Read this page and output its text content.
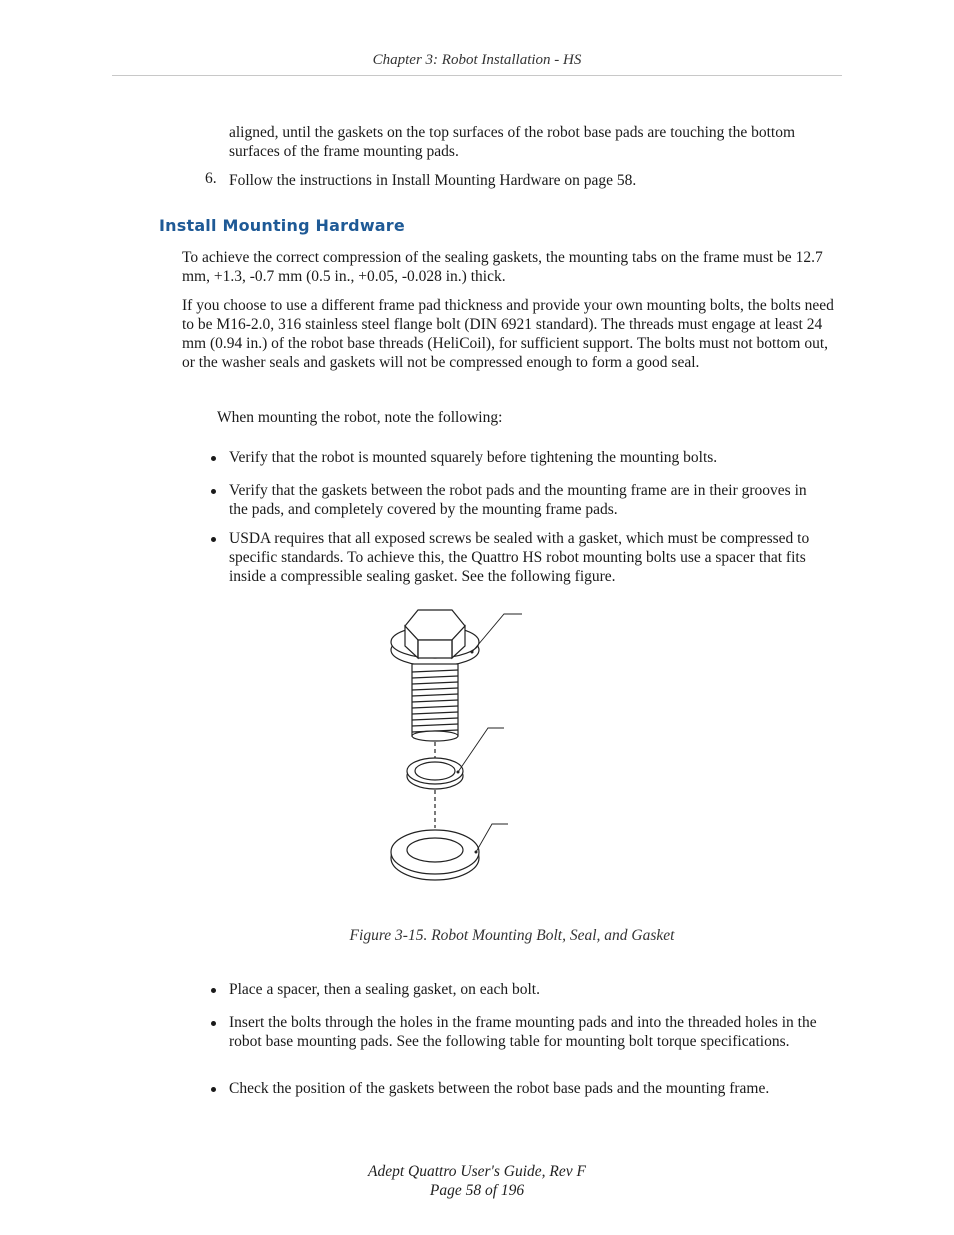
Chapter 3: Robot Installation - HS

aligned, until the gaskets on the top surfaces of the robot base pads are touching the bottom surfaces of the frame mounting pads.

6. Follow the instructions in Install Mounting Hardware on page 58.

Install Mounting Hardware

To achieve the correct compression of the sealing gaskets, the mounting tabs on the frame must be 12.7 mm, +1.3, -0.7 mm (0.5 in., +0.05, -0.028 in.) thick.

If you choose to use a different frame pad thickness and provide your own mounting bolts, the bolts need to be M16-2.0, 316 stainless steel flange bolt (DIN 6921 standard). The threads must engage at least 24 mm (0.94 in.) of the robot base threads (HeliCoil), for sufficient support. The bolts must not bottom out, or the washer seals and gaskets will not be compressed enough to form a good seal.

When mounting the robot, note the following:

Verify that the robot is mounted squarely before tightening the mounting bolts.

Verify that the gaskets between the robot pads and the mounting frame are in their grooves in the pads, and completely covered by the mounting frame pads.

USDA requires that all exposed screws be sealed with a gasket, which must be compressed to specific standards. To achieve this, the Quattro HS robot mounting bolts use a spacer that fits inside a compressible sealing gasket. See the following figure.

Figure 3-15. Robot Mounting Bolt, Seal, and Gasket

Place a spacer, then a sealing gasket, on each bolt.

Insert the bolts through the holes in the frame mounting pads and into the threaded holes in the robot base mounting pads. See the following table for mounting bolt torque specifications.

Check the position of the gaskets between the robot base pads and the mounting frame.

Adept Quattro User's Guide, Rev F
Page 58 of 196
